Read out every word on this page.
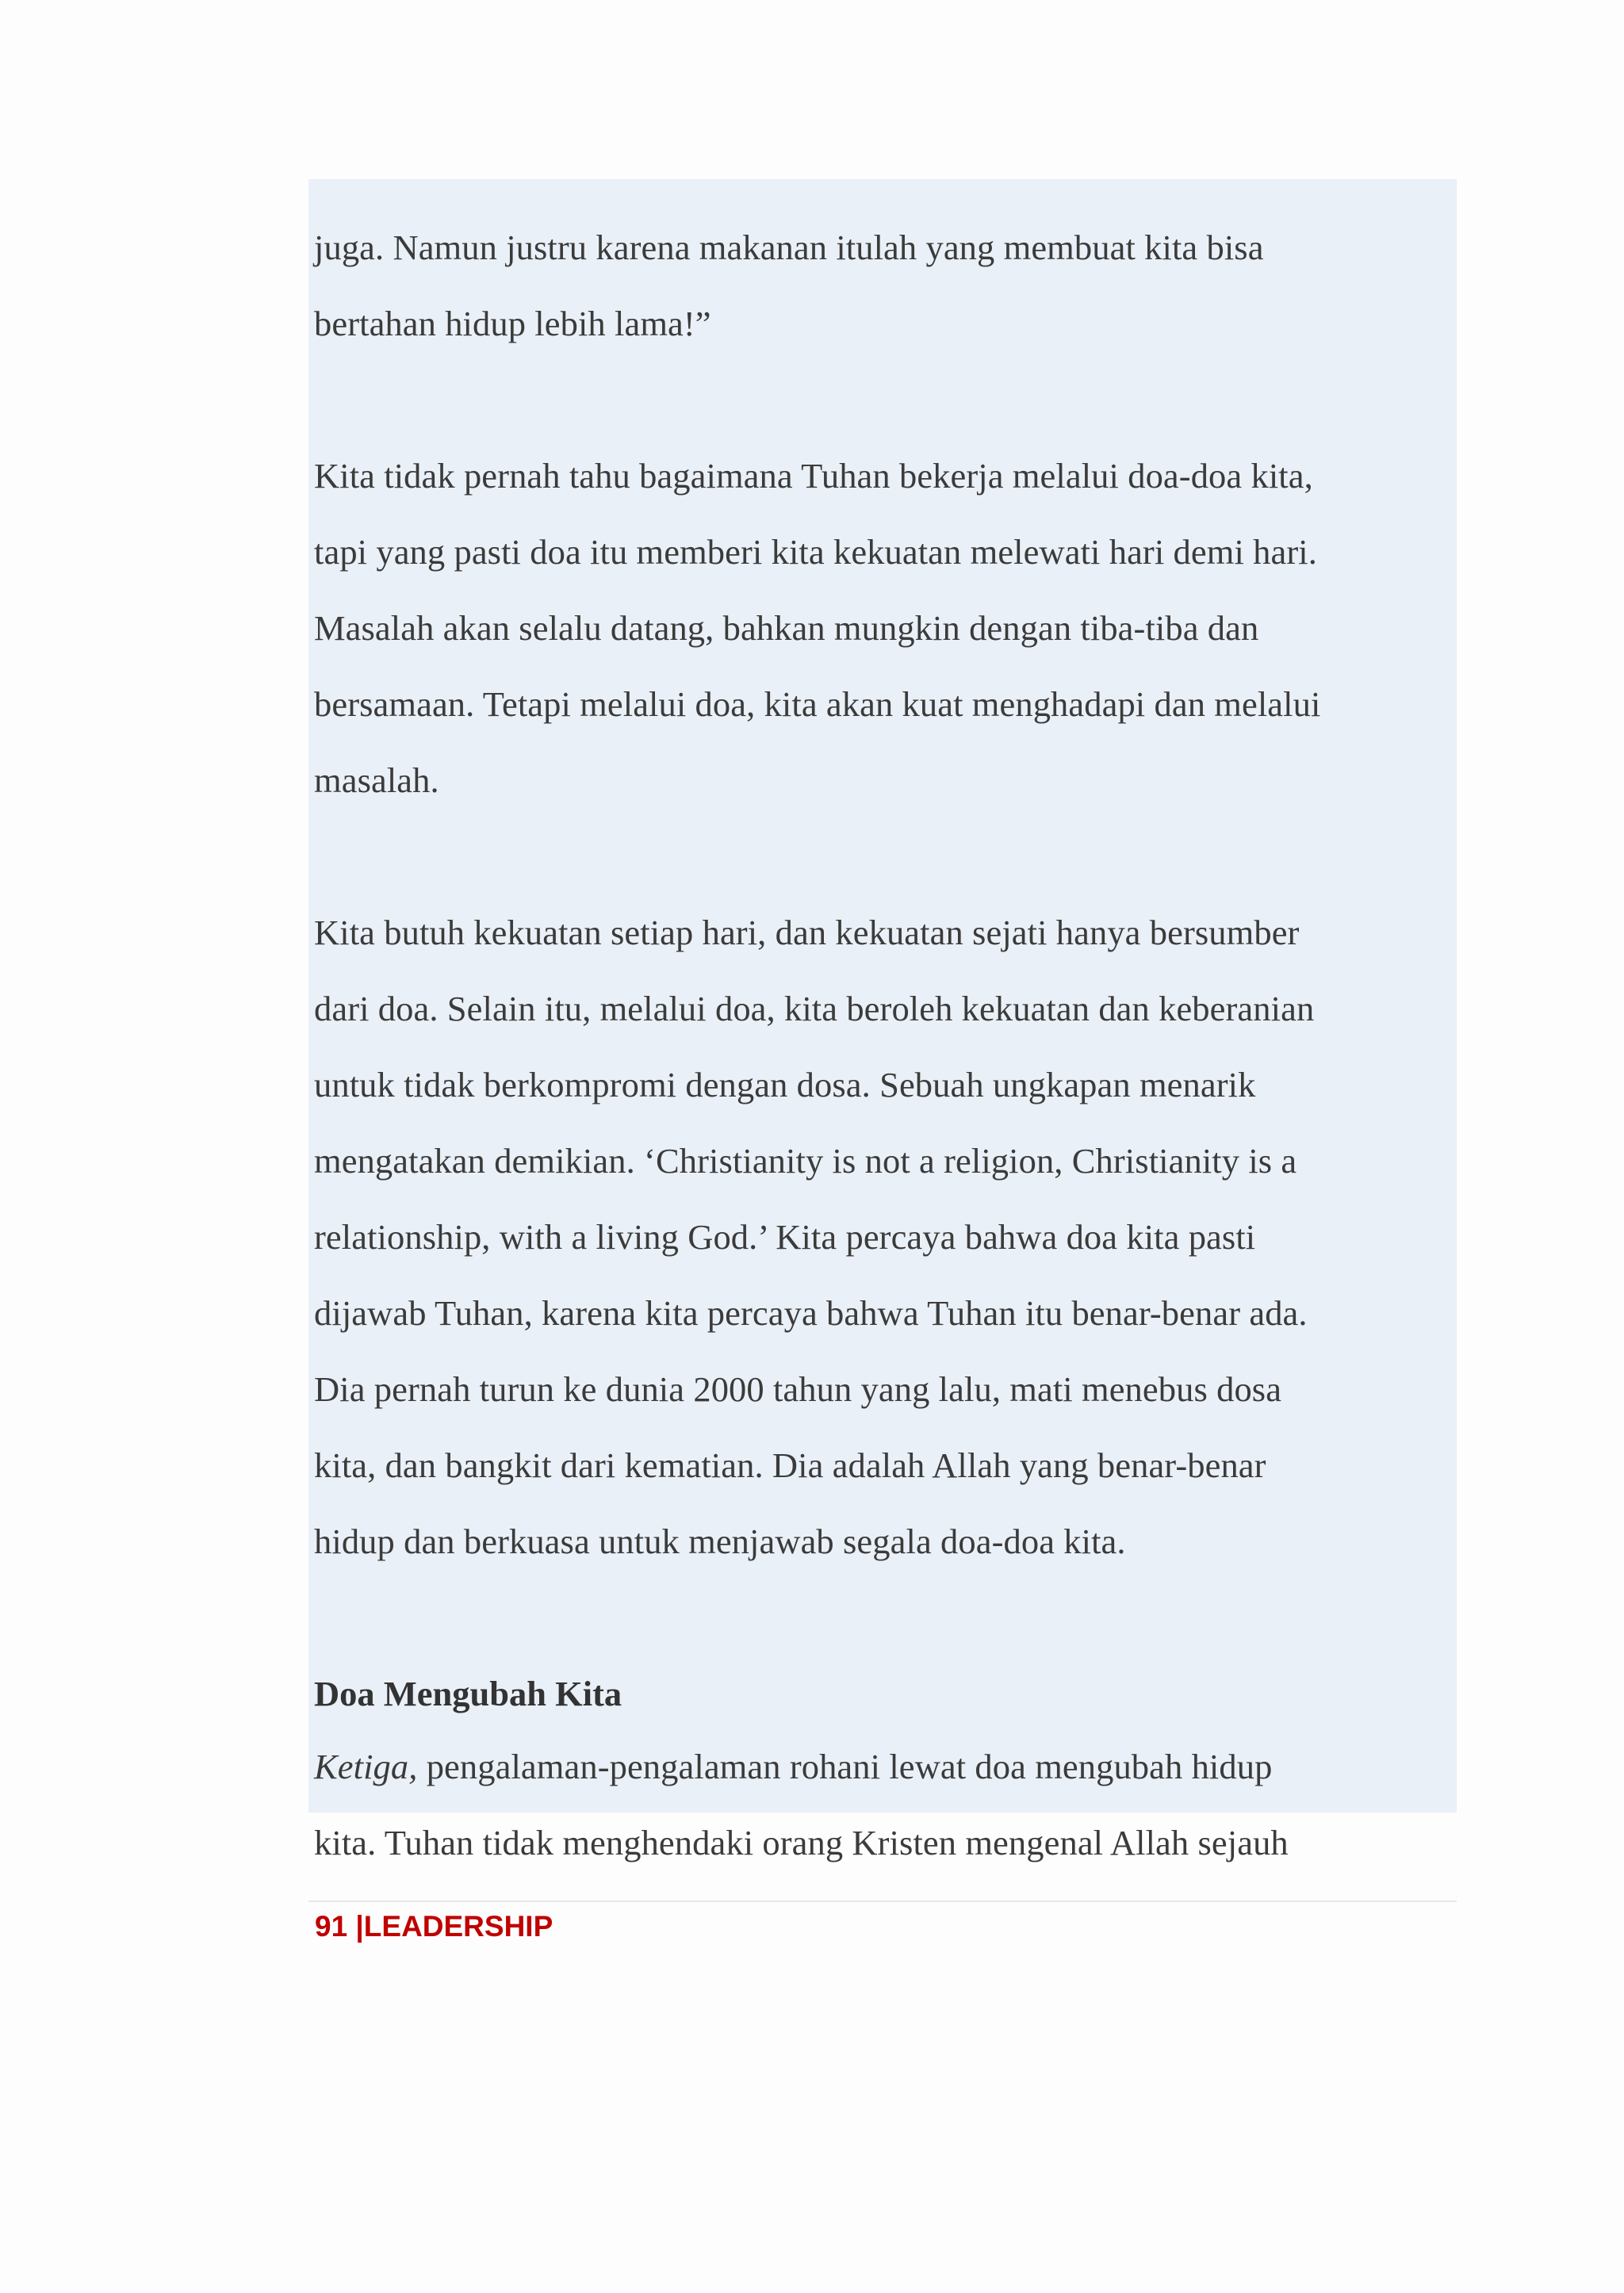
juga. Namun justru karena makanan itulah yang membuat kita bisa
bertahan hidup lebih lama!”

Kita tidak pernah tahu bagaimana Tuhan bekerja melalui doa-doa kita,
tapi yang pasti doa itu memberi kita kekuatan melewati hari demi hari.
Masalah akan selalu datang, bahkan mungkin dengan tiba-tiba dan
bersamaan. Tetapi melalui doa, kita akan kuat menghadapi dan melalui
masalah.

Kita butuh kekuatan setiap hari, dan kekuatan sejati hanya bersumber
dari doa. Selain itu, melalui doa, kita beroleh kekuatan dan keberanian
untuk tidak berkompromi dengan dosa. Sebuah ungkapan menarik
mengatakan demikian. ‘Christianity is not a religion, Christianity is a
relationship, with a living God.’ Kita percaya bahwa doa kita pasti
dijawab Tuhan, karena kita percaya bahwa Tuhan itu benar-benar ada.
Dia pernah turun ke dunia 2000 tahun yang lalu, mati menebus dosa
kita, dan bangkit dari kematian. Dia adalah Allah yang benar-benar
hidup dan berkuasa untuk menjawab segala doa-doa kita.

Doa Mengubah Kita

Ketiga, pengalaman-pengalaman rohani lewat doa mengubah hidup
kita. Tuhan tidak menghendaki orang Kristen mengenal Allah sejauh

91 |LEADERSHIP
